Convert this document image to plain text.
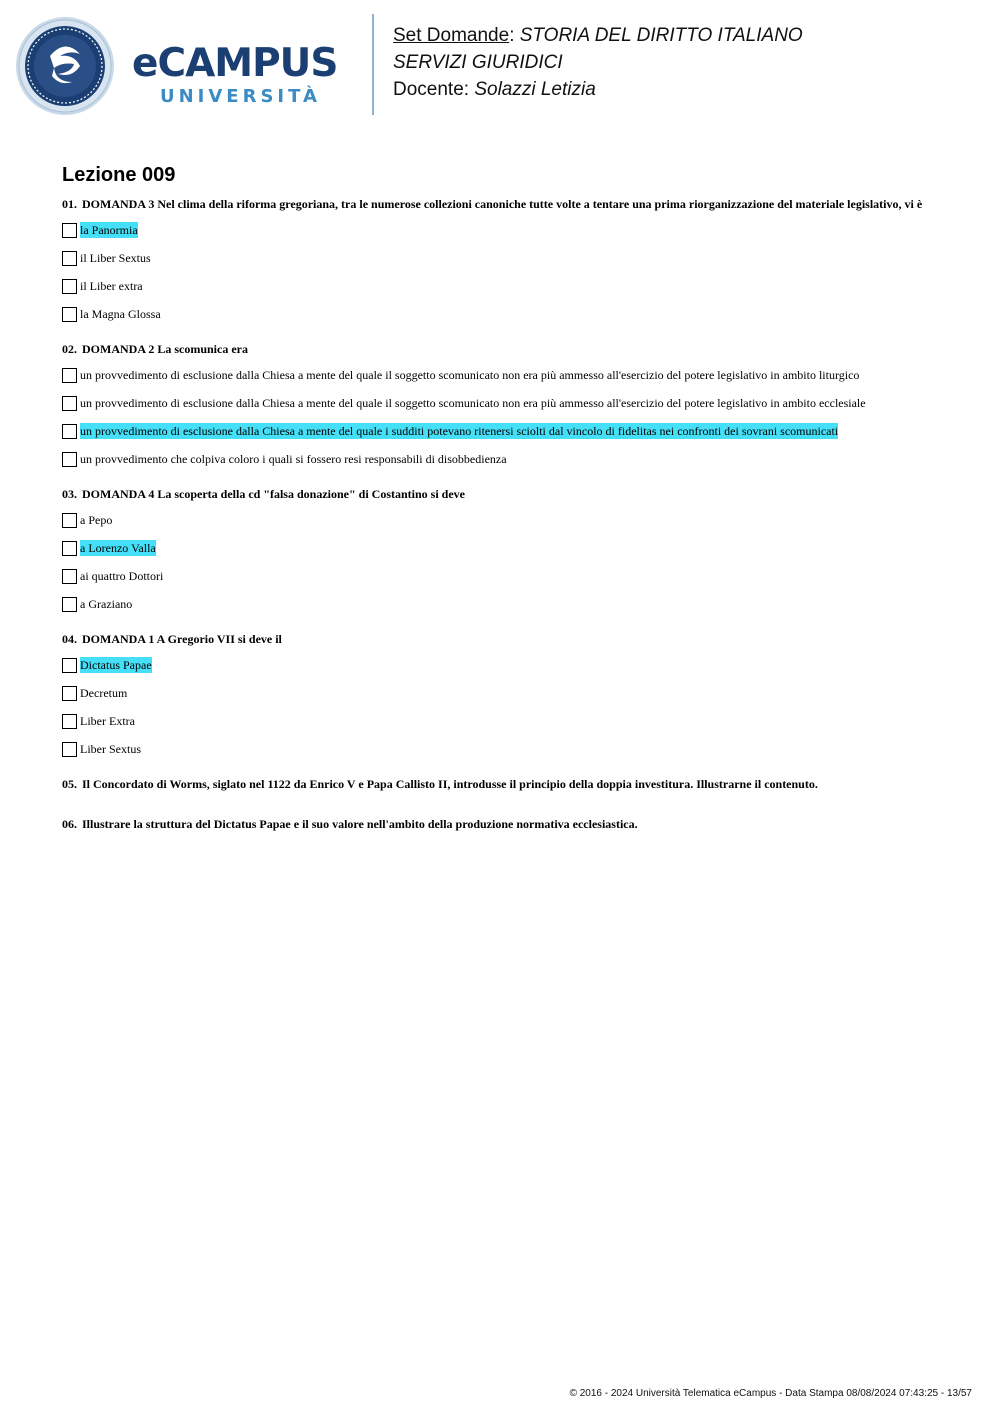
eCAMPUS
UNIVERSITÀ
Set Domande: STORIA DEL DIRITTO ITALIANO
SERVIZI GIURIDICI
Docente: Solazzi Letizia
Lezione 009
01. DOMANDA 3 Nel clima della riforma gregoriana, tra le numerose collezioni canoniche tutte volte a tentare una prima riorganizzazione del materiale legislativo, vi è
la Panormia
il Liber Sextus
il Liber extra
la Magna Glossa
02. DOMANDA 2 La scomunica era
un provvedimento di esclusione dalla Chiesa a mente del quale il soggetto scomunicato non era più ammesso all'esercizio del potere legislativo in ambito liturgico
un provvedimento di esclusione dalla Chiesa a mente del quale il soggetto scomunicato non era più ammesso all'esercizio del potere legislativo in ambito ecclesiale
un provvedimento di esclusione dalla Chiesa a mente del quale i sudditi potevano ritenersi sciolti dal vincolo di fidelitas nei confronti dei sovrani scomunicati
un provvedimento che colpiva coloro i quali si fossero resi responsabili di disobbedienza
03. DOMANDA 4 La scoperta della cd "falsa donazione" di Costantino si deve
a Pepo
a Lorenzo Valla
ai quattro Dottori
a Graziano
04. DOMANDA 1 A Gregorio VII si deve il
Dictatus Papae
Decretum
Liber Extra
Liber Sextus
05. Il Concordato di Worms, siglato nel 1122 da Enrico V e Papa Callisto II, introdusse il principio della doppia investitura. Illustrarne il contenuto.
06. Illustrare la struttura del Dictatus Papae e il suo valore nell'ambito della produzione normativa ecclesiastica.
© 2016 - 2024 Università Telematica eCampus - Data Stampa 08/08/2024 07:43:25 - 13/57
